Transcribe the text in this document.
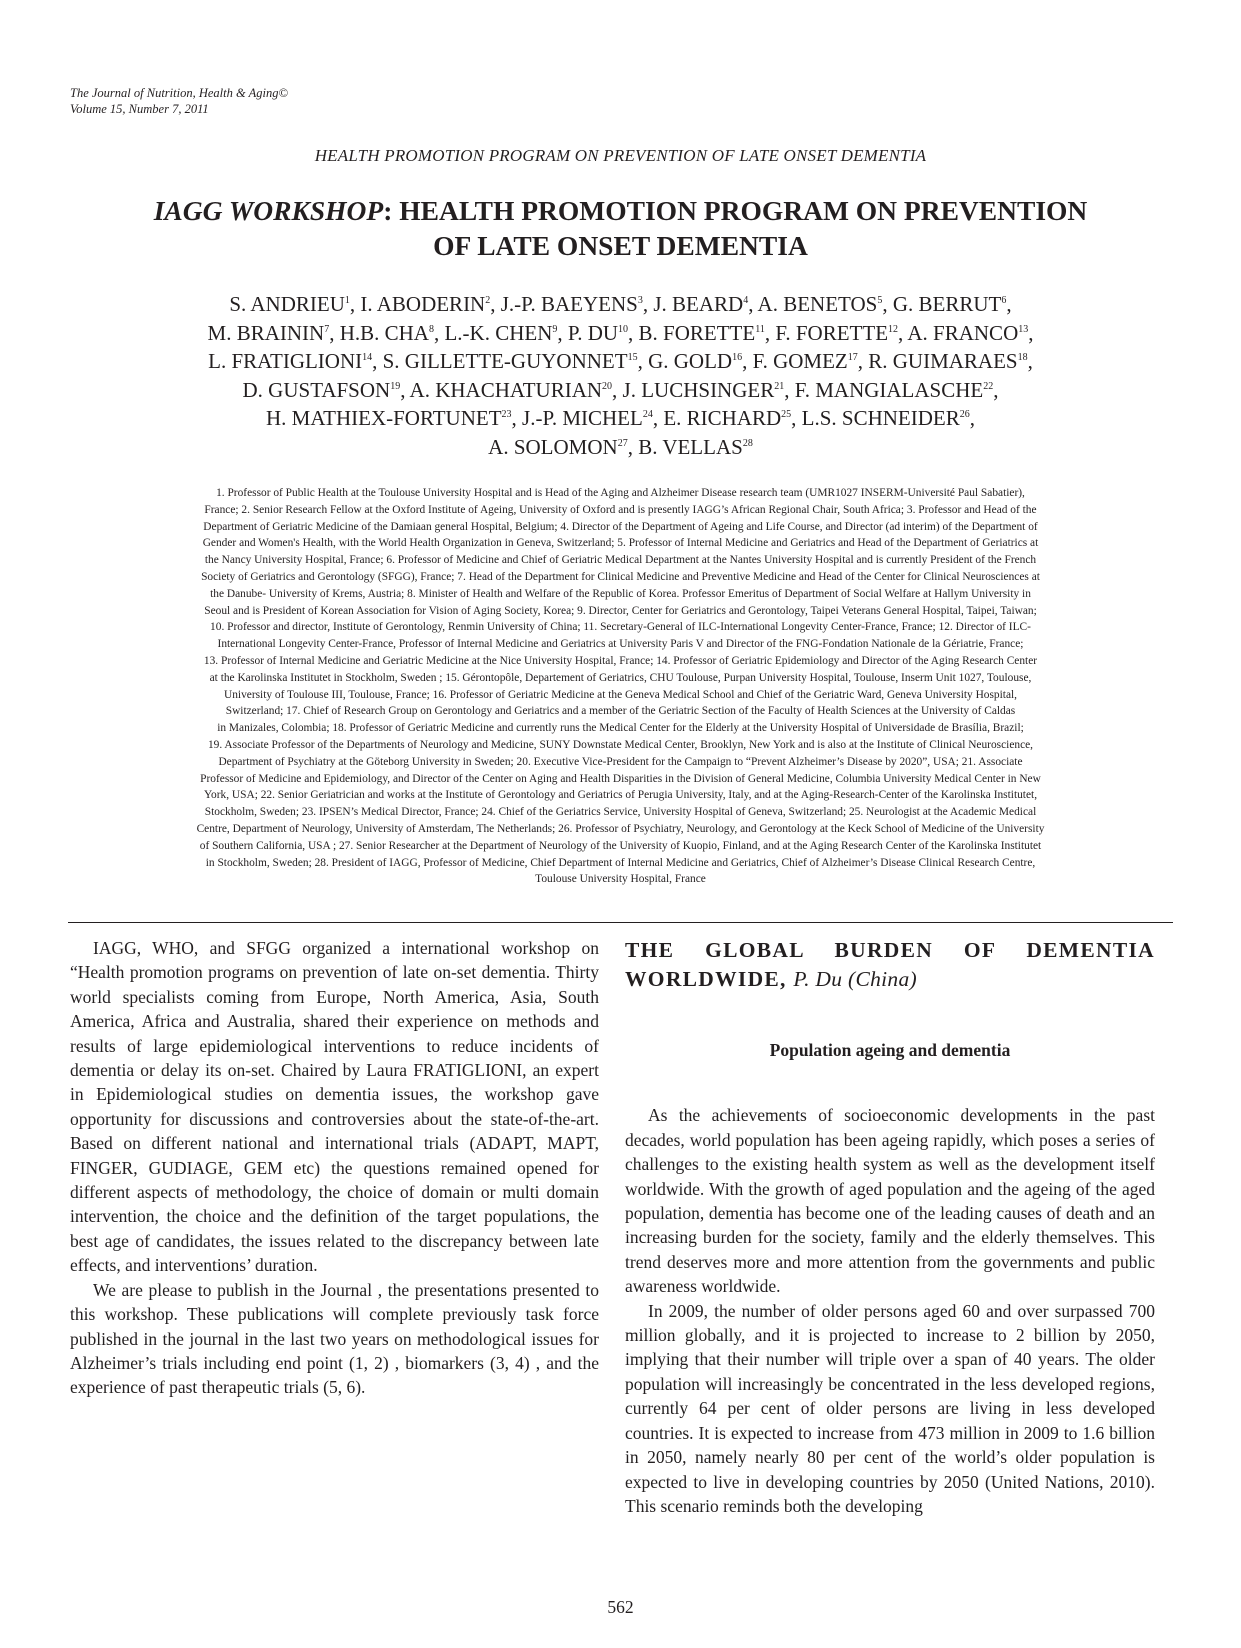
The Journal of Nutrition, Health & Aging©
Volume 15, Number 7, 2011
HEALTH PROMOTION PROGRAM ON PREVENTION OF LATE ONSET DEMENTIA
IAGG WORKSHOP: HEALTH PROMOTION PROGRAM ON PREVENTION
OF LATE ONSET DEMENTIA
S. ANDRIEU$^1$, I. ABODERIN$^2$, J.-P. BAEYENS$^3$, J. BEARD$^4$, A. BENETOS$^5$, G. BERRUT$^6$,
M. BRAININ$^7$, H.B. CHA$^8$, L.-K. CHEN$^9$, P. DU$^{10}$, B. FORETTE$^{11}$, F. FORETTE$^{12}$, A. FRANCO$^{13}$,
L. FRATIGLIONI$^{14}$, S. GILLETTE-GUYONNET$^{15}$, G. GOLD$^{16}$, F. GOMEZ$^{17}$, R. GUIMARAES$^{18}$,
D. GUSTAFSON$^{19}$, A. KHACHATURIAN$^{20}$, J. LUCHSINGER$^{21}$, F. MANGIALASCHE$^{22}$,
H. MATHIEX-FORTUNET$^{23}$, J.-P. MICHEL$^{24}$, E. RICHARD$^{25}$, L.S. SCHNEIDER$^{26}$,
A. SOLOMON$^{27}$, B. VELLAS$^{28}$
1. Professor of Public Health at the Toulouse University Hospital and is Head of the Aging and Alzheimer Disease research team (UMR1027 INSERM-Université Paul Sabatier),
France; 2. Senior Research Fellow at the Oxford Institute of Ageing, University of Oxford and is presently IAGG’s African Regional Chair, South Africa; 3. Professor and Head of the
Department of Geriatric Medicine of the Damiaan general Hospital, Belgium; 4. Director of the Department of Ageing and Life Course, and Director (ad interim) of the Department of
Gender and Women's Health, with the World Health Organization in Geneva, Switzerland; 5. Professor of Internal Medicine and Geriatrics and Head of the Department of Geriatrics at
the Nancy University Hospital, France; 6. Professor of Medicine and Chief of Geriatric Medical Department at the Nantes University Hospital and is currently President of the French
Society of Geriatrics and Gerontology (SFGG), France; 7. Head of the Department for Clinical Medicine and Preventive Medicine and Head of the Center for Clinical Neurosciences at
the Danube- University of Krems, Austria; 8. Minister of Health and Welfare of the Republic of Korea. Professor Emeritus of Department of Social Welfare at Hallym University in
Seoul and is President of Korean Association for Vision of Aging Society, Korea; 9. Director, Center for Geriatrics and Gerontology, Taipei Veterans General Hospital, Taipei, Taiwan;
10. Professor and director, Institute of Gerontology, Renmin University of China; 11. Secretary-General of ILC-International Longevity Center-France, France; 12. Director of ILC-
International Longevity Center-France, Professor of Internal Medicine and Geriatrics at University Paris V and Director of the FNG-Fondation Nationale de la Gériatrie, France;
13. Professor of Internal Medicine and Geriatric Medicine at the Nice University Hospital, France; 14. Professor of Geriatric Epidemiology and Director of the Aging Research Center
at the Karolinska Institutet in Stockholm, Sweden ; 15. Gérontopôle, Departement of Geriatrics, CHU Toulouse, Purpan University Hospital, Toulouse, Inserm Unit 1027, Toulouse,
University of Toulouse III, Toulouse, France; 16. Professor of Geriatric Medicine at the Geneva Medical School and Chief of the Geriatric Ward, Geneva University Hospital,
Switzerland; 17. Chief of Research Group on Gerontology and Geriatrics and a member of the Geriatric Section of the Faculty of Health Sciences at the University of Caldas
in Manizales, Colombia; 18. Professor of Geriatric Medicine and currently runs the Medical Center for the Elderly at the University Hospital of Universidade de Brasília, Brazil;
19. Associate Professor of the Departments of Neurology and Medicine, SUNY Downstate Medical Center, Brooklyn, New York and is also at the Institute of Clinical Neuroscience,
Department of Psychiatry at the Göteborg University in Sweden; 20. Executive Vice-President for the Campaign to “Prevent Alzheimer’s Disease by 2020”, USA; 21. Associate
Professor of Medicine and Epidemiology, and Director of the Center on Aging and Health Disparities in the Division of General Medicine, Columbia University Medical Center in New
York, USA; 22. Senior Geriatrician and works at the Institute of Gerontology and Geriatrics of Perugia University, Italy, and at the Aging-Research-Center of the Karolinska Institutet,
Stockholm, Sweden; 23. IPSEN’s Medical Director, France; 24. Chief of the Geriatrics Service, University Hospital of Geneva, Switzerland; 25. Neurologist at the Academic Medical
Centre, Department of Neurology, University of Amsterdam, The Netherlands; 26. Professor of Psychiatry, Neurology, and Gerontology at the Keck School of Medicine of the University
of Southern California, USA ; 27. Senior Researcher at the Department of Neurology of the University of Kuopio, Finland, and at the Aging Research Center of the Karolinska Institutet
in Stockholm, Sweden; 28. President of IAGG, Professor of Medicine, Chief Department of Internal Medicine and Geriatrics, Chief of Alzheimer’s Disease Clinical Research Centre,
Toulouse University Hospital, France

IAGG, WHO, and SFGG organized a international workshop on “Health promotion programs on prevention of late on-set dementia. Thirty world specialists coming from Europe, North America, Asia, South America, Africa and Australia, shared their experience on methods and results of large epidemiological interventions to reduce incidents of dementia or delay its on-set. Chaired by Laura FRATIGLIONI, an expert in Epidemiological studies on dementia issues, the workshop gave opportunity for discussions and controversies about the state-of-the-art. Based on different national and international trials (ADAPT, MAPT, FINGER, GUDIAGE, GEM etc) the questions remained opened for different aspects of methodology, the choice of domain or multi domain intervention, the choice and the definition of the target populations, the best age of candidates, the issues related to the discrepancy between late effects, and interventions’ duration.

We are please to publish in the Journal , the presentations presented to this workshop. These publications will complete previously task force published in the journal in the last two years on methodological issues for Alzheimer’s trials including end point (1, 2) , biomarkers (3, 4) , and the experience of past therapeutic trials (5, 6).

THE GLOBAL BURDEN OF DEMENTIA WORLDWIDE, P. Du (China)
Population ageing and dementia

As the achievements of socioeconomic developments in the past decades, world population has been ageing rapidly, which poses a series of challenges to the existing health system as well as the development itself worldwide. With the growth of aged population and the ageing of the aged population, dementia has become one of the leading causes of death and an increasing burden for the society, family and the elderly themselves. This trend deserves more and more attention from the governments and public awareness worldwide.

In 2009, the number of older persons aged 60 and over surpassed 700 million globally, and it is projected to increase to 2 billion by 2050, implying that their number will triple over a span of 40 years. The older population will increasingly be concentrated in the less developed regions, currently 64 per cent of older persons are living in less developed countries. It is expected to increase from 473 million in 2009 to 1.6 billion in 2050, namely nearly 80 per cent of the world’s older population is expected to live in developing countries by 2050 (United Nations, 2010). This scenario reminds both the developing

562
